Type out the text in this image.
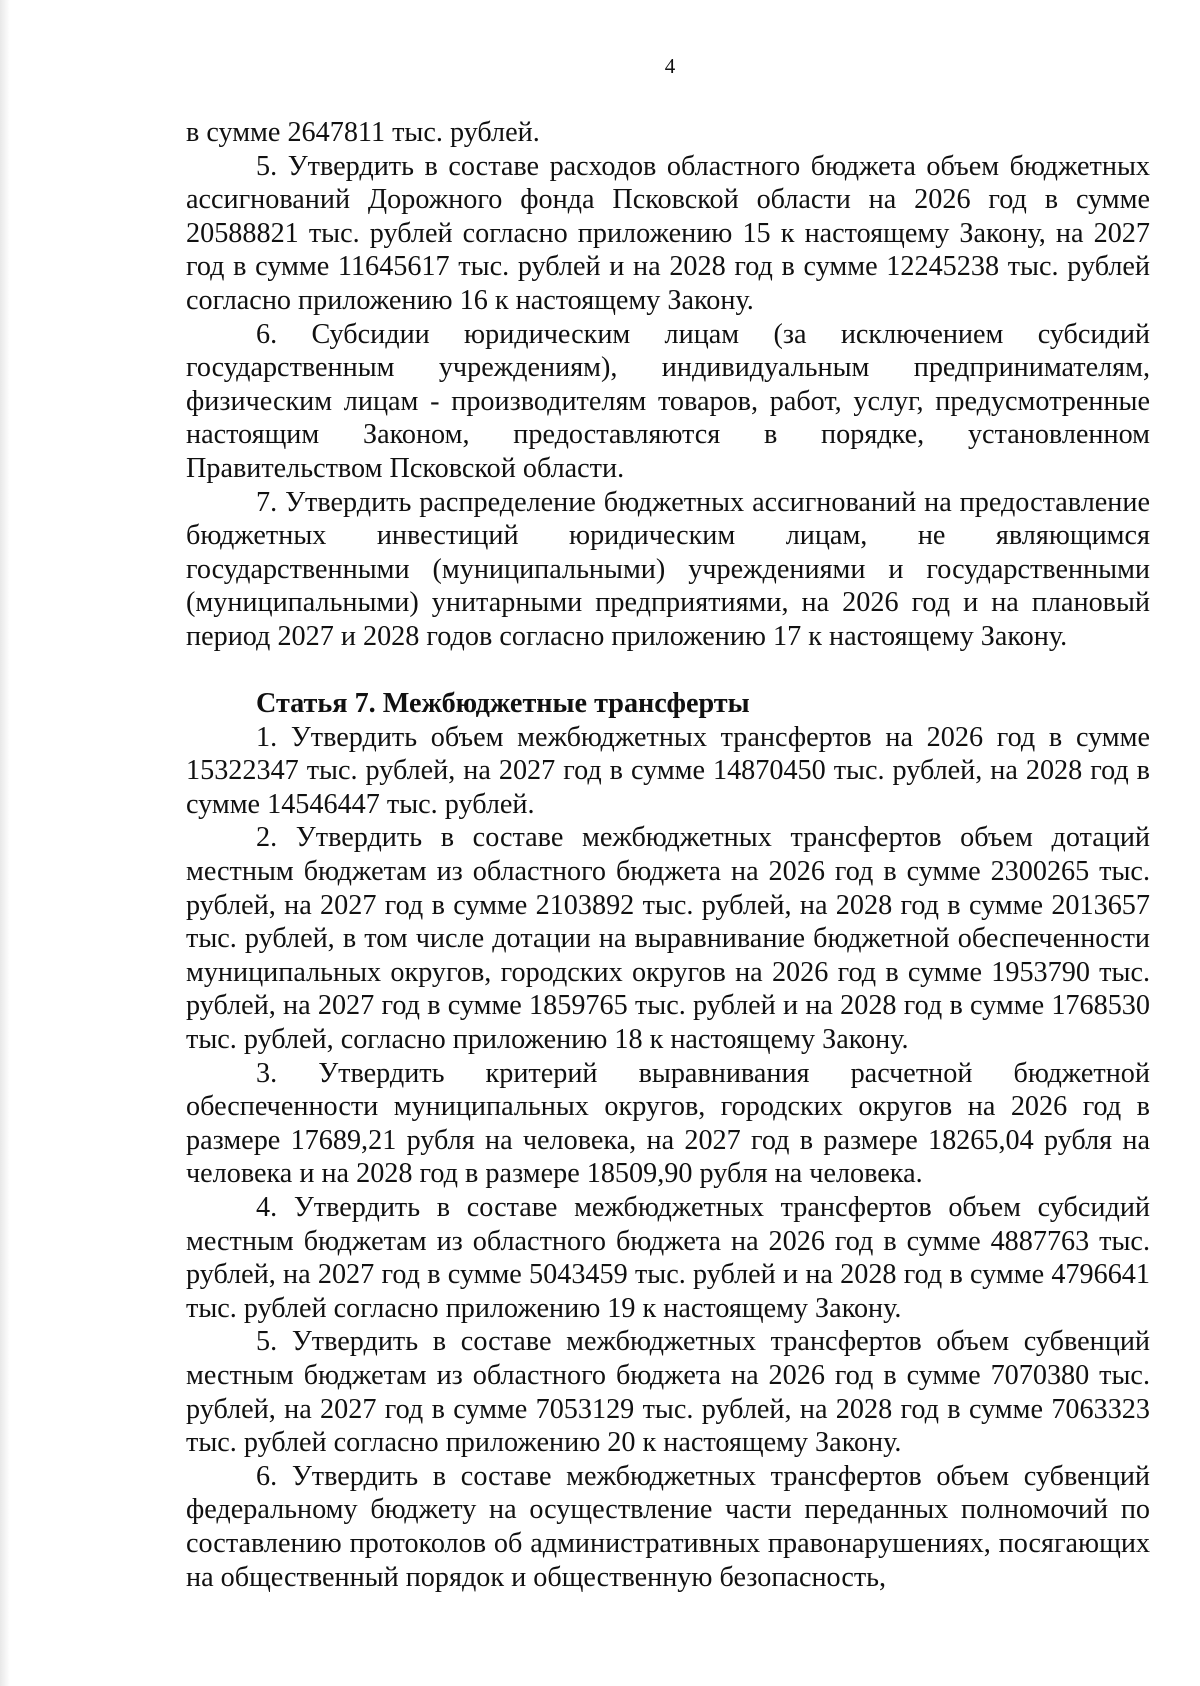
4

в сумме 2647811 тыс. рублей.

5. Утвердить в составе расходов областного бюджета объем бюджетных ассигнований Дорожного фонда Псковской области на 2026 год в сумме 20588821 тыс. рублей согласно приложению 15 к настоящему Закону, на 2027 год в сумме 11645617 тыс. рублей и на 2028 год в сумме 12245238 тыс. рублей согласно приложению 16 к настоящему Закону.

6. Субсидии юридическим лицам (за исключением субсидий государственным учреждениям), индивидуальным предпринимателям, физическим лицам - производителям товаров, работ, услуг, предусмотренные настоящим Законом, предоставляются в порядке, установленном Правительством Псковской области.

7. Утвердить распределение бюджетных ассигнований на предоставление бюджетных инвестиций юридическим лицам, не являющимся государственными (муниципальными) учреждениями и государственными (муниципальными) унитарными предприятиями, на 2026 год и на плановый период 2027 и 2028 годов согласно приложению 17 к настоящему Закону.

Статья 7. Межбюджетные трансферты

1. Утвердить объем межбюджетных трансфертов на 2026 год в сумме 15322347 тыс. рублей, на 2027 год в сумме 14870450 тыс. рублей, на 2028 год в сумме 14546447 тыс. рублей.

2. Утвердить в составе межбюджетных трансфертов объем дотаций местным бюджетам из областного бюджета на 2026 год в сумме 2300265 тыс. рублей, на 2027 год в сумме 2103892 тыс. рублей, на 2028 год в сумме 2013657 тыс. рублей, в том числе дотации на выравнивание бюджетной обеспеченности муниципальных округов, городских округов на 2026 год в сумме 1953790 тыс. рублей, на 2027 год в сумме 1859765 тыс. рублей и на 2028 год в сумме 1768530 тыс. рублей, согласно приложению 18 к настоящему Закону.

3. Утвердить критерий выравнивания расчетной бюджетной обеспеченности муниципальных округов, городских округов на 2026 год в размере 17689,21 рубля на человека, на 2027 год в размере 18265,04 рубля на человека и на 2028 год в размере 18509,90 рубля на человека.

4. Утвердить в составе межбюджетных трансфертов объем субсидий местным бюджетам из областного бюджета на 2026 год в сумме 4887763 тыс. рублей, на 2027 год в сумме 5043459 тыс. рублей и на 2028 год в сумме 4796641 тыс. рублей согласно приложению 19 к настоящему Закону.

5. Утвердить в составе межбюджетных трансфертов объем субвенций местным бюджетам из областного бюджета на 2026 год в сумме 7070380 тыс. рублей, на 2027 год в сумме 7053129 тыс. рублей, на 2028 год в сумме 7063323 тыс. рублей согласно приложению 20 к настоящему Закону.

6. Утвердить в составе межбюджетных трансфертов объем субвенций федеральному бюджету на осуществление части переданных полномочий по составлению протоколов об административных правонарушениях, посягающих на общественный порядок и общественную безопасность,
